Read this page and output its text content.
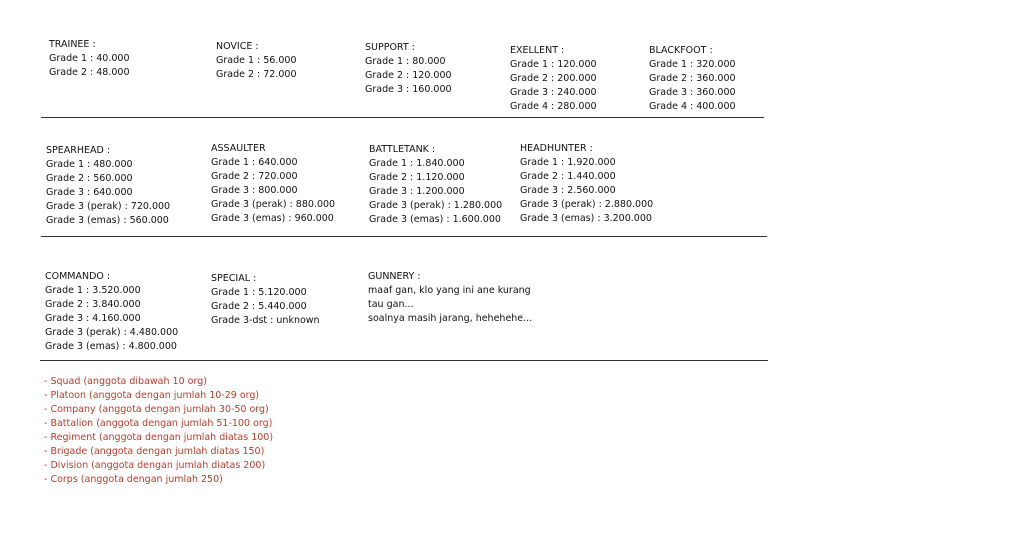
TRAINEE :
Grade 1 : 40.000
Grade 2 : 48.000
NOVICE :
Grade 1 : 56.000
Grade 2 : 72.000
SUPPORT :
Grade 1 : 80.000
Grade 2 : 120.000
Grade 3 : 160.000
EXELLENT :
Grade 1 : 120.000
Grade 2 : 200.000
Grade 3 : 240.000
Grade 4 : 280.000
BLACKFOOT :
Grade 1 : 320.000
Grade 2 : 360.000
Grade 3 : 360.000
Grade 4 : 400.000
SPEARHEAD :
Grade 1 : 480.000
Grade 2 : 560.000
Grade 3 : 640.000
Grade 3 (perak) : 720.000
Grade 3 (emas) : 560.000
ASSAULTER
Grade 1 : 640.000
Grade 2 : 720.000
Grade 3 : 800.000
Grade 3 (perak) : 880.000
Grade 3 (emas) : 960.000
BATTLETANK :
Grade 1 : 1.840.000
Grade 2 : 1.120.000
Grade 3 : 1.200.000
Grade 3 (perak) : 1.280.000
Grade 3 (emas) : 1.600.000
HEADHUNTER :
Grade 1 : 1.920.000
Grade 2 : 1.440.000
Grade 3 : 2.560.000
Grade 3 (perak) : 2.880.000
Grade 3 (emas) : 3.200.000
COMMANDO :
Grade 1 : 3.520.000
Grade 2 : 3.840.000
Grade 3 : 4.160.000
Grade 3 (perak) : 4.480.000
Grade 3 (emas) : 4.800.000
SPECIAL :
Grade 1 : 5.120.000
Grade 2 : 5.440.000
Grade 3-dst : unknown
GUNNERY :
maaf gan, klo yang ini ane kurang
tau gan...
soalnya masih jarang, hehehehe...
- Squad (anggota dibawah 10 org)
- Platoon (anggota dengan jumlah 10-29 org)
- Company (anggota dengan jumlah 30-50 org)
- Battalion (anggota dengan jumlah 51-100 org)
- Regiment (anggota dengan jumlah diatas 100)
- Brigade (anggota dengan jumlah diatas 150)
- Division (anggota dengan jumlah diatas 200)
- Corps (anggota dengan jumlah 250)
